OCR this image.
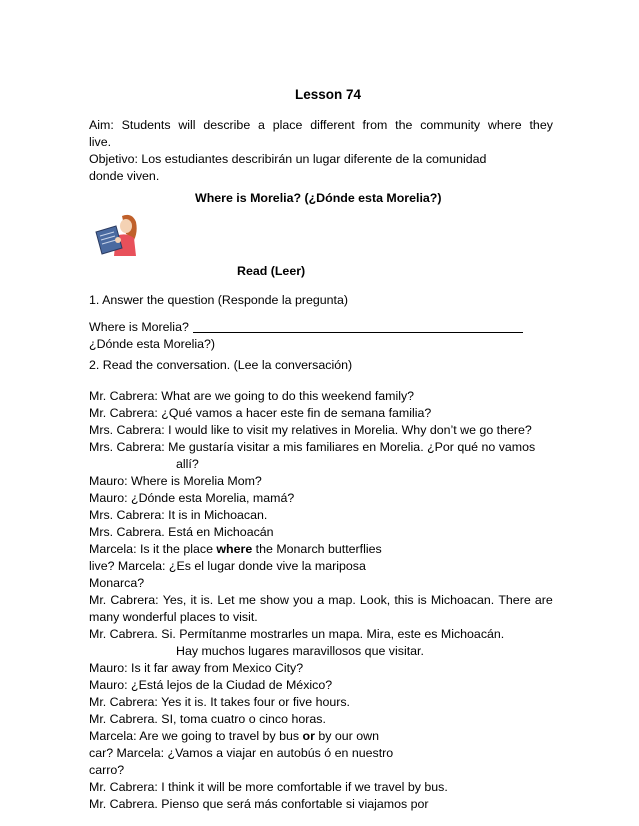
Lesson 74
Aim: Students will describe a place different from the community where they
live.
Objetivo: Los estudiantes describirán un lugar diferente de la comunidad
donde viven.
Where is Morelia? (¿Dónde esta Morelia?)
Read (Leer)
1. Answer the question (Responde la pregunta)
Where is Morelia?
¿Dónde esta Morelia?)
2. Read the conversation. (Lee la conversación)
Mr. Cabrera: What are we going to do this weekend family?
Mr. Cabrera: ¿Qué vamos a hacer este fin de semana familia?
Mrs. Cabrera: I would like to visit my relatives in Morelia. Why don’t we go there?
Mrs. Cabrera: Me gustaría visitar a mis familiares en Morelia. ¿Por qué no vamos
allí?
Mauro: Where is Morelia Mom?
Mauro: ¿Dónde esta Morelia, mamá?
Mrs. Cabrera: It is in Michoacan.
Mrs. Cabrera. Está en Michoacán
Marcela: Is it the place where the Monarch butterflies
live? Marcela: ¿Es el lugar donde vive la mariposa
Monarca?
Mr. Cabrera: Yes, it is. Let me show you a map. Look, this is Michoacan. There are
many wonderful places to visit.
Mr. Cabrera. Si. Permítanme mostrarles un mapa. Mira, este es Michoacán.
Hay muchos lugares maravillosos que visitar.
Mauro: Is it far away from Mexico City?
Mauro: ¿Está lejos de la Ciudad de México?
Mr. Cabrera: Yes it is. It takes four or five hours.
Mr. Cabrera. SI, toma cuatro o cinco horas.
Marcela: Are we going to travel by bus or by our own
car? Marcela: ¿Vamos a viajar en autobús ó en nuestro
carro?
Mr. Cabrera: I think it will be more comfortable if we travel by bus.
Mr. Cabrera. Pienso que será más confortable si viajamos por
